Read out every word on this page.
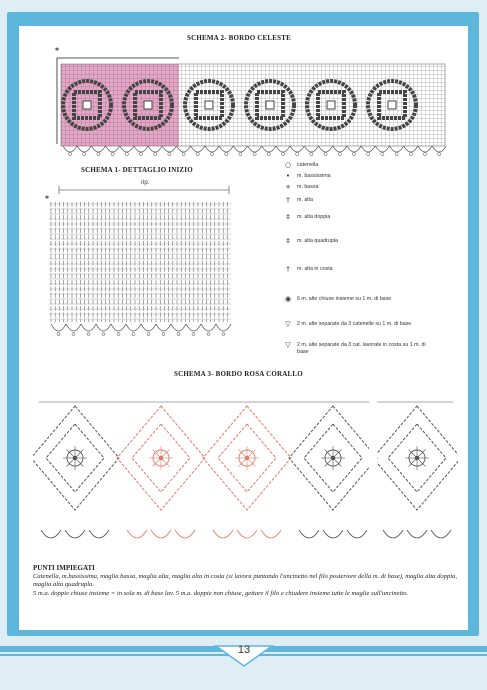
SCHEMA 2- BORDO CELESTE
*
SCHEMA 1- DETTAGLIO INIZIO
rip.
*
○	catenella
•	m. bassissima
+	m. bassa
†	m. alta
‡	m. alta doppia
‡	m. alta quadrupla
†	m. alta in costa
◉	6 m. alte chiuse insieme su 1 m. di base
▽	2 m. alte separate da 3 catenelle su 1 m. di base
▽	2 m. alte separate da 3 cat. lavorate in costa su 1 m. di base
SCHEMA 3- BORDO ROSA CORALLO
PUNTI IMPIEGATI

Catenella, m.bassissima, maglia bassa, maglia alta, maglia alta in costa (si lavora puntando l'uncinetto nel filo posteriore della m. di base), maglia alta doppia, maglia alta quadrupla.

5 m.a. doppie chiuse insieme = in sola m. di base lav. 5 m.a. doppie non chiuse, gettare il filo e chiudere insieme tutte le maglie sull'uncinetto.

13
